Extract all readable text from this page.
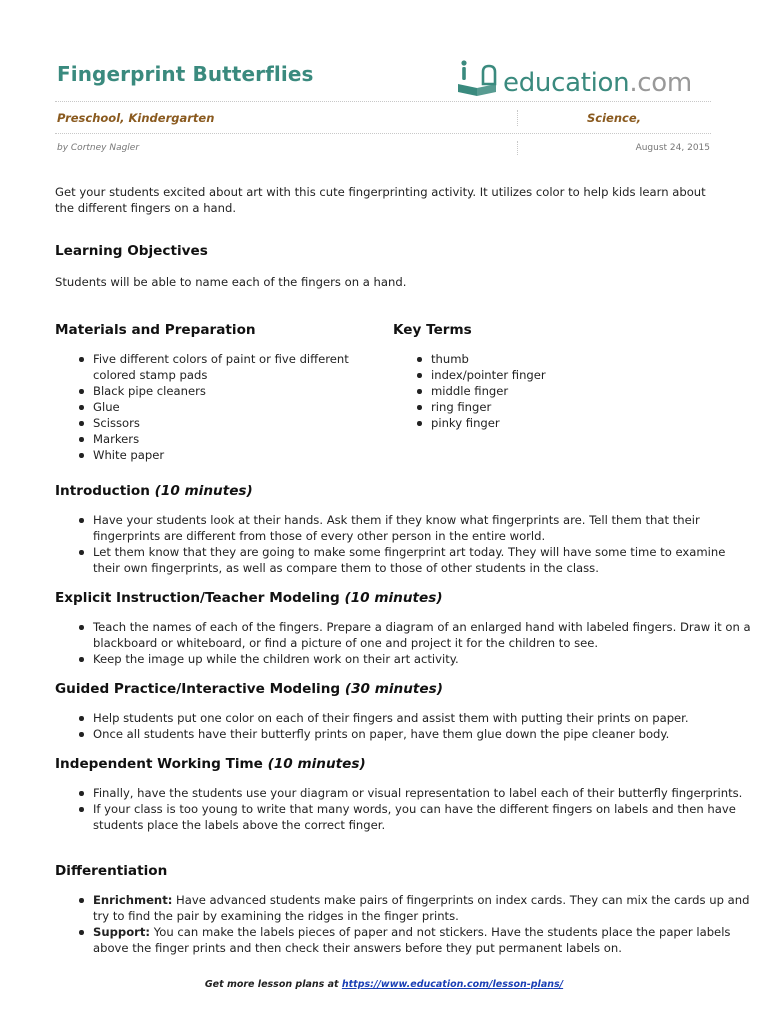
Fingerprint Butterflies	education.com
Preschool, Kindergarten	Science,
by Cortney Nagler	August 24, 2015

Get your students excited about art with this cute fingerprinting activity. It utilizes color to help kids learn about the different fingers on a hand.

Learning Objectives

Students will be able to name each of the fingers on a hand.

Materials and Preparation
Five different colors of paint or five different colored stamp pads
Black pipe cleaners
Glue
Scissors
Markers
White paper
Key Terms
thumb
index/pointer finger
middle finger
ring finger
pinky finger
Introduction (10 minutes)
Have your students look at their hands. Ask them if they know what fingerprints are. Tell them that their fingerprints are different from those of every other person in the entire world.
Let them know that they are going to make some fingerprint art today. They will have some time to examine their own fingerprints, as well as compare them to those of other students in the class.
Explicit Instruction/Teacher Modeling (10 minutes)
Teach the names of each of the fingers. Prepare a diagram of an enlarged hand with labeled fingers. Draw it on a blackboard or whiteboard, or find a picture of one and project it for the children to see.
Keep the image up while the children work on their art activity.
Guided Practice/Interactive Modeling (30 minutes)
Help students put one color on each of their fingers and assist them with putting their prints on paper.
Once all students have their butterfly prints on paper, have them glue down the pipe cleaner body.
Independent Working Time (10 minutes)
Finally, have the students use your diagram or visual representation to label each of their butterfly fingerprints.
If your class is too young to write that many words, you can have the different fingers on labels and then have students place the labels above the correct finger.
Differentiation
Enrichment: Have advanced students make pairs of fingerprints on index cards. They can mix the cards up and try to find the pair by examining the ridges in the finger prints.
Support: You can make the labels pieces of paper and not stickers. Have the students place the paper labels above the finger prints and then check their answers before they put permanent labels on.
Get more lesson plans at https://www.education.com/lesson-plans/
